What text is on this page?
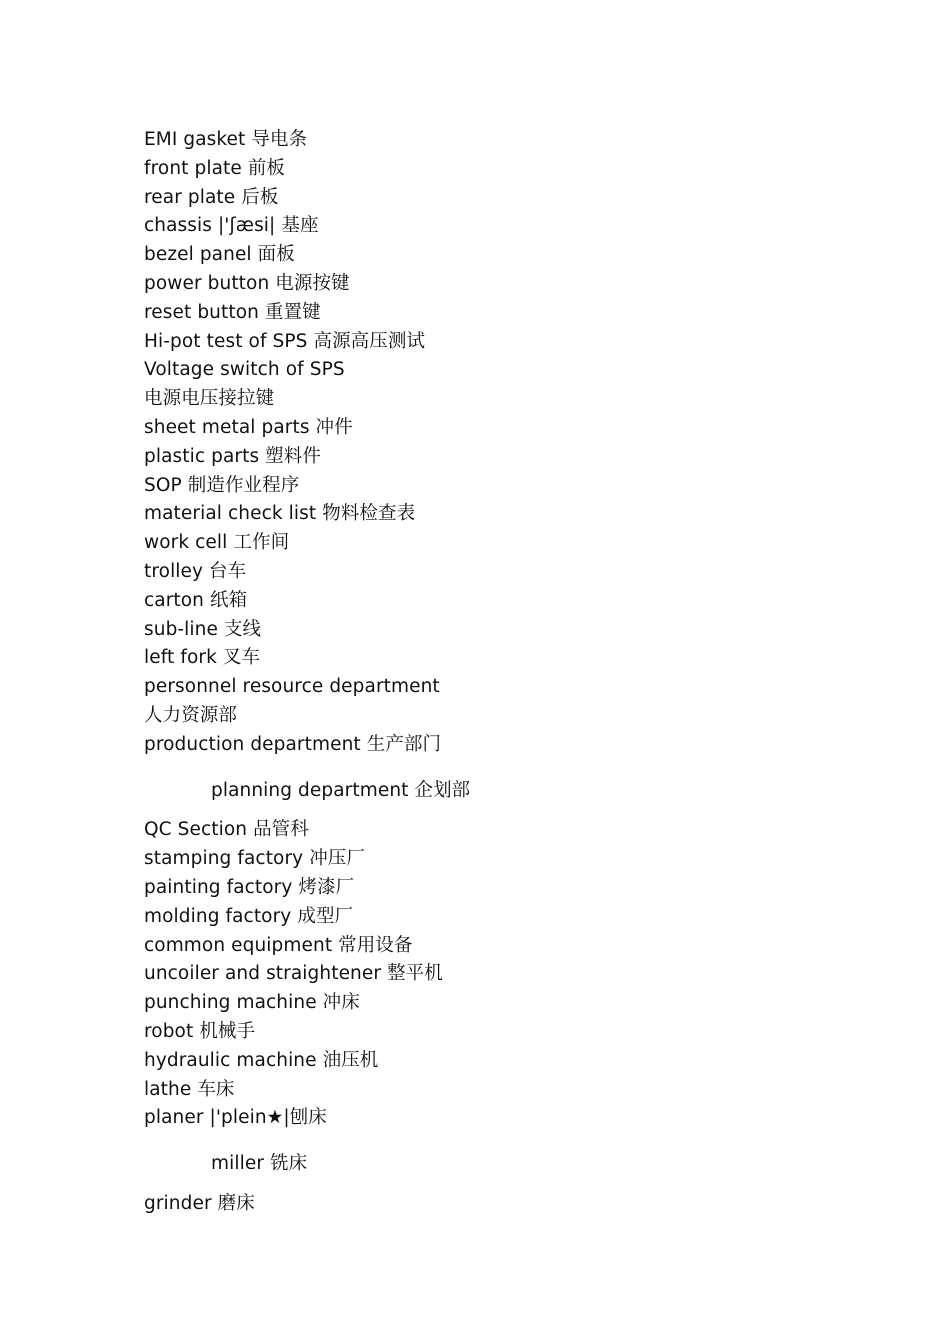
EMI gasket 导电条
front plate 前板
rear plate 后板
chassis |'ʃæsi| 基座
bezel panel 面板
power button 电源按键
reset button 重置键
Hi-pot test of SPS 高源高压测试
Voltage switch of SPS
电源电压接拉键
sheet metal parts 冲件
plastic parts 塑料件
SOP 制造作业程序
material check list 物料检查表
work cell 工作间
trolley 台车
carton 纸箱
sub-line 支线
left fork 叉车
personnel resource department
人力资源部
production department 生产部门
planning department 企划部
QC Section 品管科
stamping factory 冲压厂
painting factory 烤漆厂
molding factory 成型厂
common equipment 常用设备
uncoiler and straightener 整平机
punching machine 冲床
robot 机械手
hydraulic machine 油压机
lathe 车床
planer |'plein★|刨床
miller 铣床
grinder 磨床
